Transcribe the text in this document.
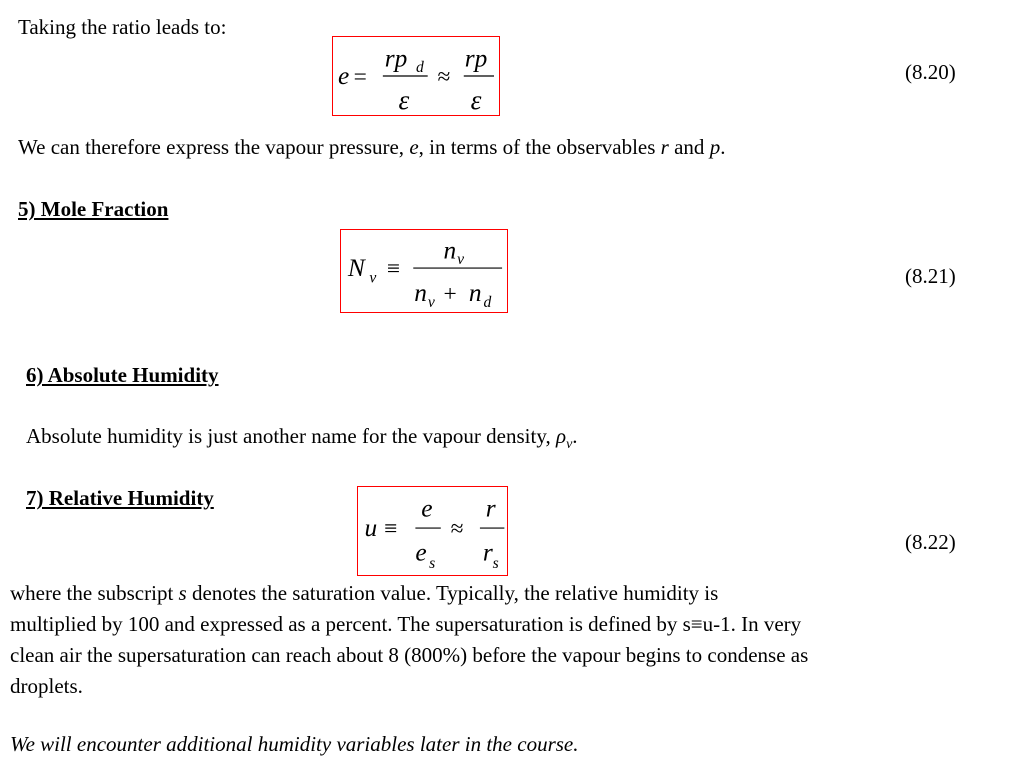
Taking the ratio leads to:

e =
rp d
ε
≈
rp
ε
(8.20)

We can therefore express the vapour pressure, e, in terms of the observables r and p.

5) Mole Fraction

N v ≡
n v
n v + n d
(8.21)

6) Absolute Humidity

Absolute humidity is just another name for the vapour density, $\rho_v$.

7) Relative Humidity

u ≡
e
e s
≈
r
r s
(8.22)
where the subscript s denotes the saturation value. Typically, the relative humidity is
multiplied by 100 and expressed as a percent. The supersaturation is defined by s≡u-1. In very
clean air the supersaturation can reach about 8 (800%) before the vapour begins to condense as
droplets.

We will encounter additional humidity variables later in the course.
